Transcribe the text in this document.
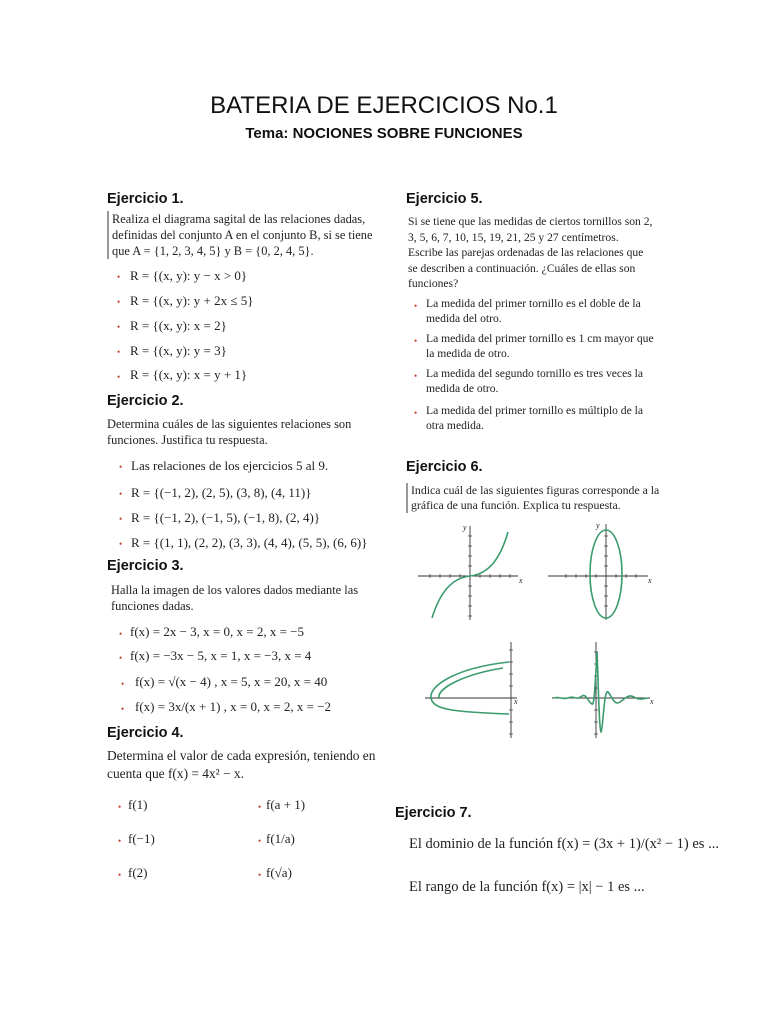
BATERIA DE EJERCICIOS No.1
Tema: NOCIONES SOBRE FUNCIONES
Ejercicio 1.
Realiza el diagrama sagital de las relaciones dadas, definidas del conjunto A en el conjunto B, si se tiene que A = {1, 2, 3, 4, 5} y B = {0, 2, 4, 5}.
• R = {(x, y): y − x > 0}
• R = {(x, y): y + 2x ≤ 5}
• R = {(x, y): x = 2}
• R = {(x, y): y = 3}
• R = {(x, y): x = y + 1}
Ejercicio 2.
Determina cuáles de las siguientes relaciones son funciones. Justifica tu respuesta.
• Las relaciones de los ejercicios 5 al 9.
• R = {(−1, 2), (2, 5), (3, 8), (4, 11)}
• R = {(−1, 2), (−1, 5), (−1, 8), (2, 4)}
• R = {(1, 1), (2, 2), (3, 3), (4, 4), (5, 5), (6, 6)}
Ejercicio 3.
Halla la imagen de los valores dados mediante las funciones dadas.
• f(x) = 2x − 3, x = 0, x = 2, x = −5
• f(x) = −3x − 5, x = 1, x = −3, x = 4
• f(x) = √(x − 4) , x = 5, x = 20, x = 40
• f(x) = 3x/(x + 1) , x = 0, x = 2, x = −2
Ejercicio 4.
Determina el valor de cada expresión, teniendo en cuenta que f(x) = 4x² − x.
• f(1)	• f(a + 1)
• f(−1)	• f(1/a)
• f(2)	• f(√a)
Ejercicio 5.
Si se tiene que las medidas de ciertos tornillos son 2, 3, 5, 6, 7, 10, 15, 19, 21, 25 y 27 centímetros. Escribe las parejas ordenadas de las relaciones que se describen a continuación. ¿Cuáles de ellas son funciones?
• La medida del primer tornillo es el doble de la medida del otro.
• La medida del primer tornillo es 1 cm mayor que la medida de otro.
• La medida del segundo tornillo es tres veces la medida de otro.
• La medida del primer tornillo es múltiplo de la otra medida.
Ejercicio 6.
Indica cuál de las siguientes figuras corresponde a la gráfica de una función. Explica tu respuesta.
y
x
y
x
x	x
Ejercicio 7.
El dominio de la función f(x) = (3x + 1)/(x² − 1) es ...
El rango de la función f(x) = |x| − 1 es ...
